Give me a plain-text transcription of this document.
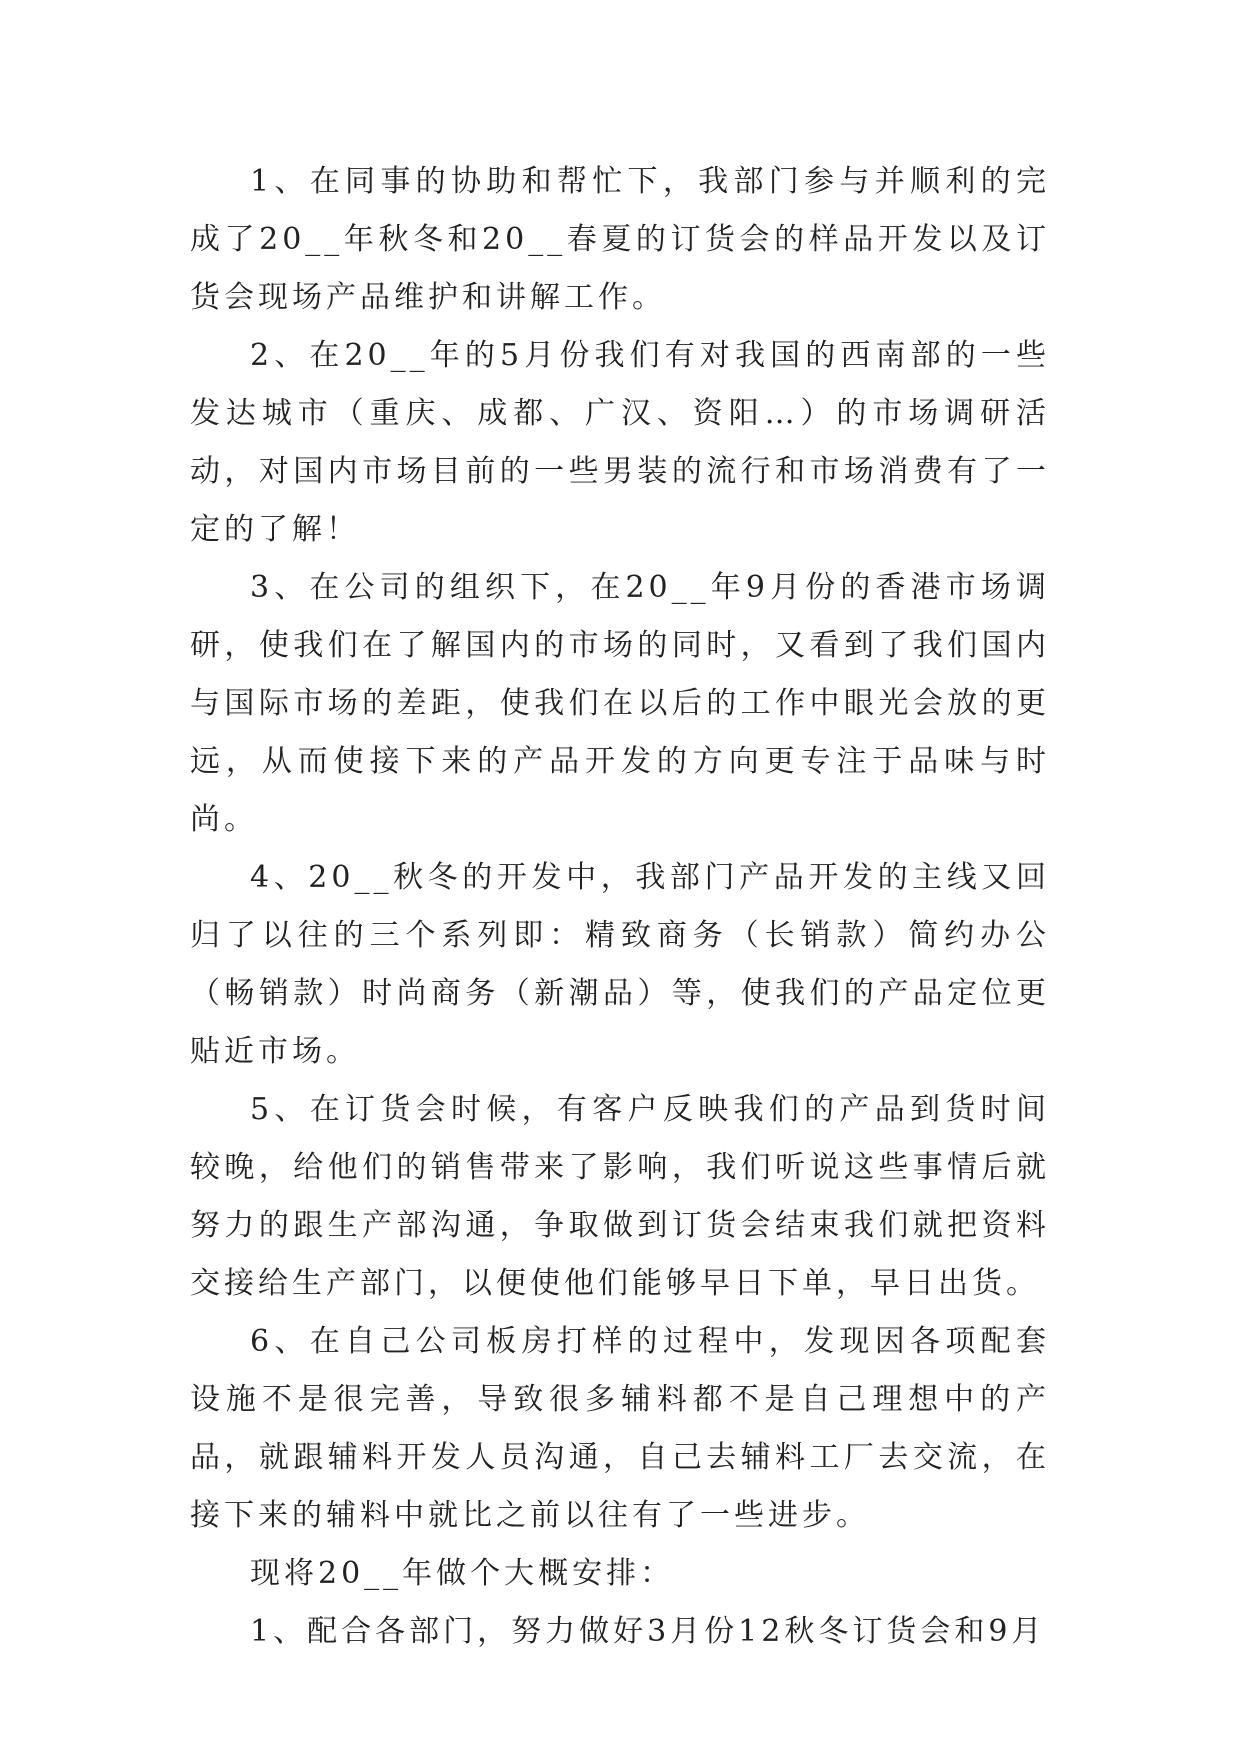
1、在同事的协助和帮忙下，我部门参与并顺利的完成了20__年秋冬和20__春夏的订货会的样品开发以及订货会现场产品维护和讲解工作。

2、在20__年的5月份我们有对我国的西南部的一些发达城市（重庆、成都、广汉、资阳…）的市场调研活动，对国内市场目前的一些男装的流行和市场消费有了一定的了解！

3、在公司的组织下，在20__年9月份的香港市场调研，使我们在了解国内的市场的同时，又看到了我们国内与国际市场的差距，使我们在以后的工作中眼光会放的更远，从而使接下来的产品开发的方向更专注于品味与时尚。

4、20__秋冬的开发中，我部门产品开发的主线又回归了以往的三个系列即：精致商务（长销款）简约办公（畅销款）时尚商务（新潮品）等，使我们的产品定位更贴近市场。

5、在订货会时候，有客户反映我们的产品到货时间较晚，给他们的销售带来了影响，我们听说这些事情后就努力的跟生产部沟通，争取做到订货会结束我们就把资料交接给生产部门，以便使他们能够早日下单，早日出货。

6、在自己公司板房打样的过程中，发现因各项配套设施不是很完善，导致很多辅料都不是自己理想中的产品，就跟辅料开发人员沟通，自己去辅料工厂去交流，在接下来的辅料中就比之前以往有了一些进步。

现将20__年做个大概安排：

1、配合各部门，努力做好3月份12秋冬订货会和9月
